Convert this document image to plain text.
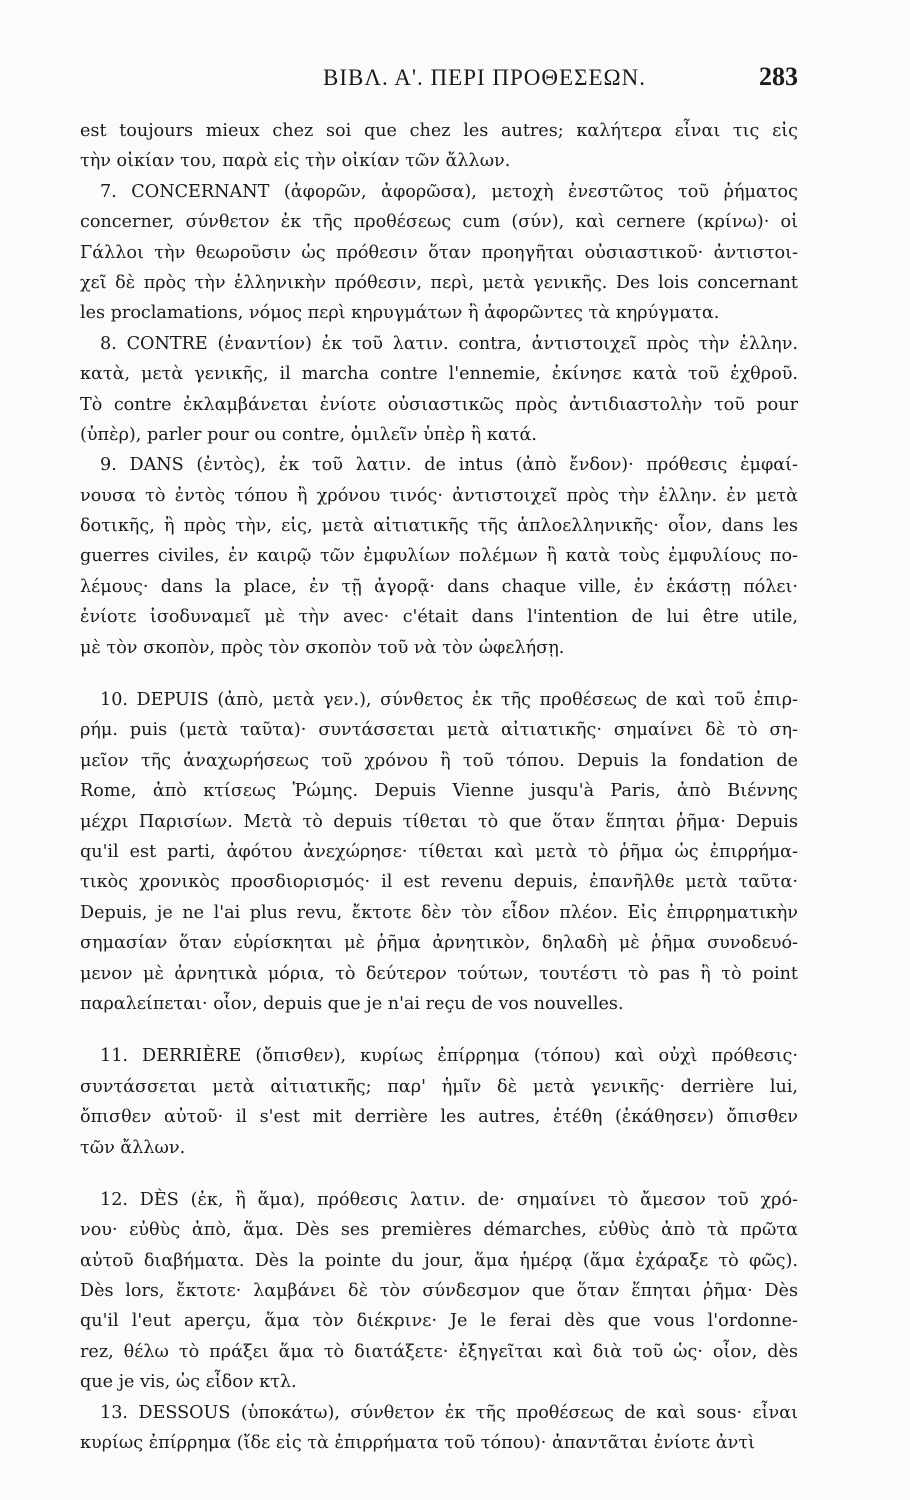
ΒΙΒΛ. Α'. ΠΕΡΙ ΠΡΟΘΕΣΕΩΝ.	283

est toujours mieux chez soi que chez les autres; καλήτερα εἶναι τις εἰς

τὴν οἰκίαν του, παρὰ εἰς τὴν οἰκίαν τῶν ἄλλων.

7. CONCERNANT (ἀφορῶν, ἀφορῶσα), μετοχὴ ἐνεστῶτος τοῦ ῥήματος

concerner, σύνθετον ἐκ τῆς προθέσεως cum (σύν), καὶ cernere (κρίνω)· οἱ

Γάλλοι τὴν θεωροῦσιν ὡς πρόθεσιν ὅταν προηγῆται οὐσιαστικοῦ· ἀντιστοι-

χεῖ δὲ πρὸς τὴν ἑλληνικὴν πρόθεσιν, περὶ, μετὰ γενικῆς. Des lois concernant

les proclamations, νόμος περὶ κηρυγμάτων ἢ ἀφορῶντες τὰ κηρύγματα.

8. CONTRE (ἐναντίον) ἐκ τοῦ λατιν. contra, ἀντιστοιχεῖ πρὸς τὴν ἑλλην.

κατὰ, μετὰ γενικῆς, il marcha contre l'ennemie, ἐκίνησε κατὰ τοῦ ἐχθροῦ.

Τὸ contre ἐκλαμβάνεται ἐνίοτε οὐσιαστικῶς πρὸς ἀντιδιαστολὴν τοῦ pour

(ὑπὲρ), parler pour ou contre, ὁμιλεῖν ὑπὲρ ἢ κατά.

9. DANS (ἐντὸς), ἐκ τοῦ λατιν. de intus (ἀπὸ ἔνδον)· πρόθεσις ἐμφαί-

νουσα τὸ ἐντὸς τόπου ἢ χρόνου τινός· ἀντιστοιχεῖ πρὸς τὴν ἑλλην. ἐν μετὰ

δοτικῆς, ἢ πρὸς τὴν, εἰς, μετὰ αἰτιατικῆς τῆς ἁπλοελληνικῆς· οἷον, dans les

guerres civiles, ἐν καιρῷ τῶν ἐμφυλίων πολέμων ἢ κατὰ τοὺς ἐμφυλίους πο-

λέμους· dans la place, ἐν τῇ ἀγορᾷ· dans chaque ville, ἐν ἑκάστῃ πόλει·

ἐνίοτε ἰσοδυναμεῖ μὲ τὴν avec· c'était dans l'intention de lui être utile,

μὲ τὸν σκοπὸν, πρὸς τὸν σκοπὸν τοῦ νὰ τὸν ὠφελήσῃ.

10. DEPUIS (ἀπὸ, μετὰ γεν.), σύνθετος ἐκ τῆς προθέσεως de καὶ τοῦ ἐπιρ-

ρήμ. puis (μετὰ ταῦτα)· συντάσσεται μετὰ αἰτιατικῆς· σημαίνει δὲ τὸ ση-

μεῖον τῆς ἀναχωρήσεως τοῦ χρόνου ἢ τοῦ τόπου. Depuis la fondation de

Rome, ἀπὸ κτίσεως Ῥώμης. Depuis Vienne jusqu'à Paris, ἀπὸ Βιέννης

μέχρι Παρισίων. Μετὰ τὸ depuis τίθεται τὸ que ὅταν ἕπηται ῥῆμα· Depuis

qu'il est parti, ἀφότου ἀνεχώρησε· τίθεται καὶ μετὰ τὸ ῥῆμα ὡς ἐπιρρήμα-

τικὸς χρονικὸς προσδιορισμός· il est revenu depuis, ἐπανῆλθε μετὰ ταῦτα·

Depuis, je ne l'ai plus revu, ἔκτοτε δὲν τὸν εἶδον πλέον. Εἰς ἐπιρρηματικὴν

σημασίαν ὅταν εὑρίσκηται μὲ ῥῆμα ἀρνητικὸν, δηλαδὴ μὲ ῥῆμα συνοδευό-

μενον μὲ ἀρνητικὰ μόρια, τὸ δεύτερον τούτων, τουτέστι τὸ pas ἢ τὸ point

παραλείπεται· οἷον, depuis que je n'ai reçu de vos nouvelles.

11. DERRIÈRE (ὄπισθεν), κυρίως ἐπίρρημα (τόπου) καὶ οὐχὶ πρόθεσις·

συντάσσεται μετὰ αἰτιατικῆς; παρ' ἡμῖν δὲ μετὰ γενικῆς· derrière lui,

ὄπισθεν αὐτοῦ· il s'est mit derrière les autres, ἐτέθη (ἐκάθησεν) ὄπισθεν

τῶν ἄλλων.

12. DÈS (ἐκ, ἢ ἅμα), πρόθεσις λατιν. de· σημαίνει τὸ ἄμεσον τοῦ χρό-

νου· εὐθὺς ἀπὸ, ἅμα. Dès ses premières démarches, εὐθὺς ἀπὸ τὰ πρῶτα

αὐτοῦ διαβήματα. Dès la pointe du jour, ἅμα ἡμέρᾳ (ἅμα ἐχάραξε τὸ φῶς).

Dès lors, ἔκτοτε· λαμβάνει δὲ τὸν σύνδεσμον que ὅταν ἕπηται ῥῆμα· Dès

qu'il l'eut aperçu, ἅμα τὸν διέκρινε· Je le ferai dès que vous l'ordonne-

rez, θέλω τὸ πράξει ἅμα τὸ διατάξετε· ἐξηγεῖται καὶ διὰ τοῦ ὡς· οἷον, dès

que je vis, ὡς εἶδον κτλ.

13. DESSOUS (ὑποκάτω), σύνθετον ἐκ τῆς προθέσεως de καὶ sous· εἶναι

κυρίως ἐπίρρημα (ἴδε εἰς τὰ ἐπιρρήματα τοῦ τόπου)· ἀπαντᾶται ἐνίοτε ἀντὶ
